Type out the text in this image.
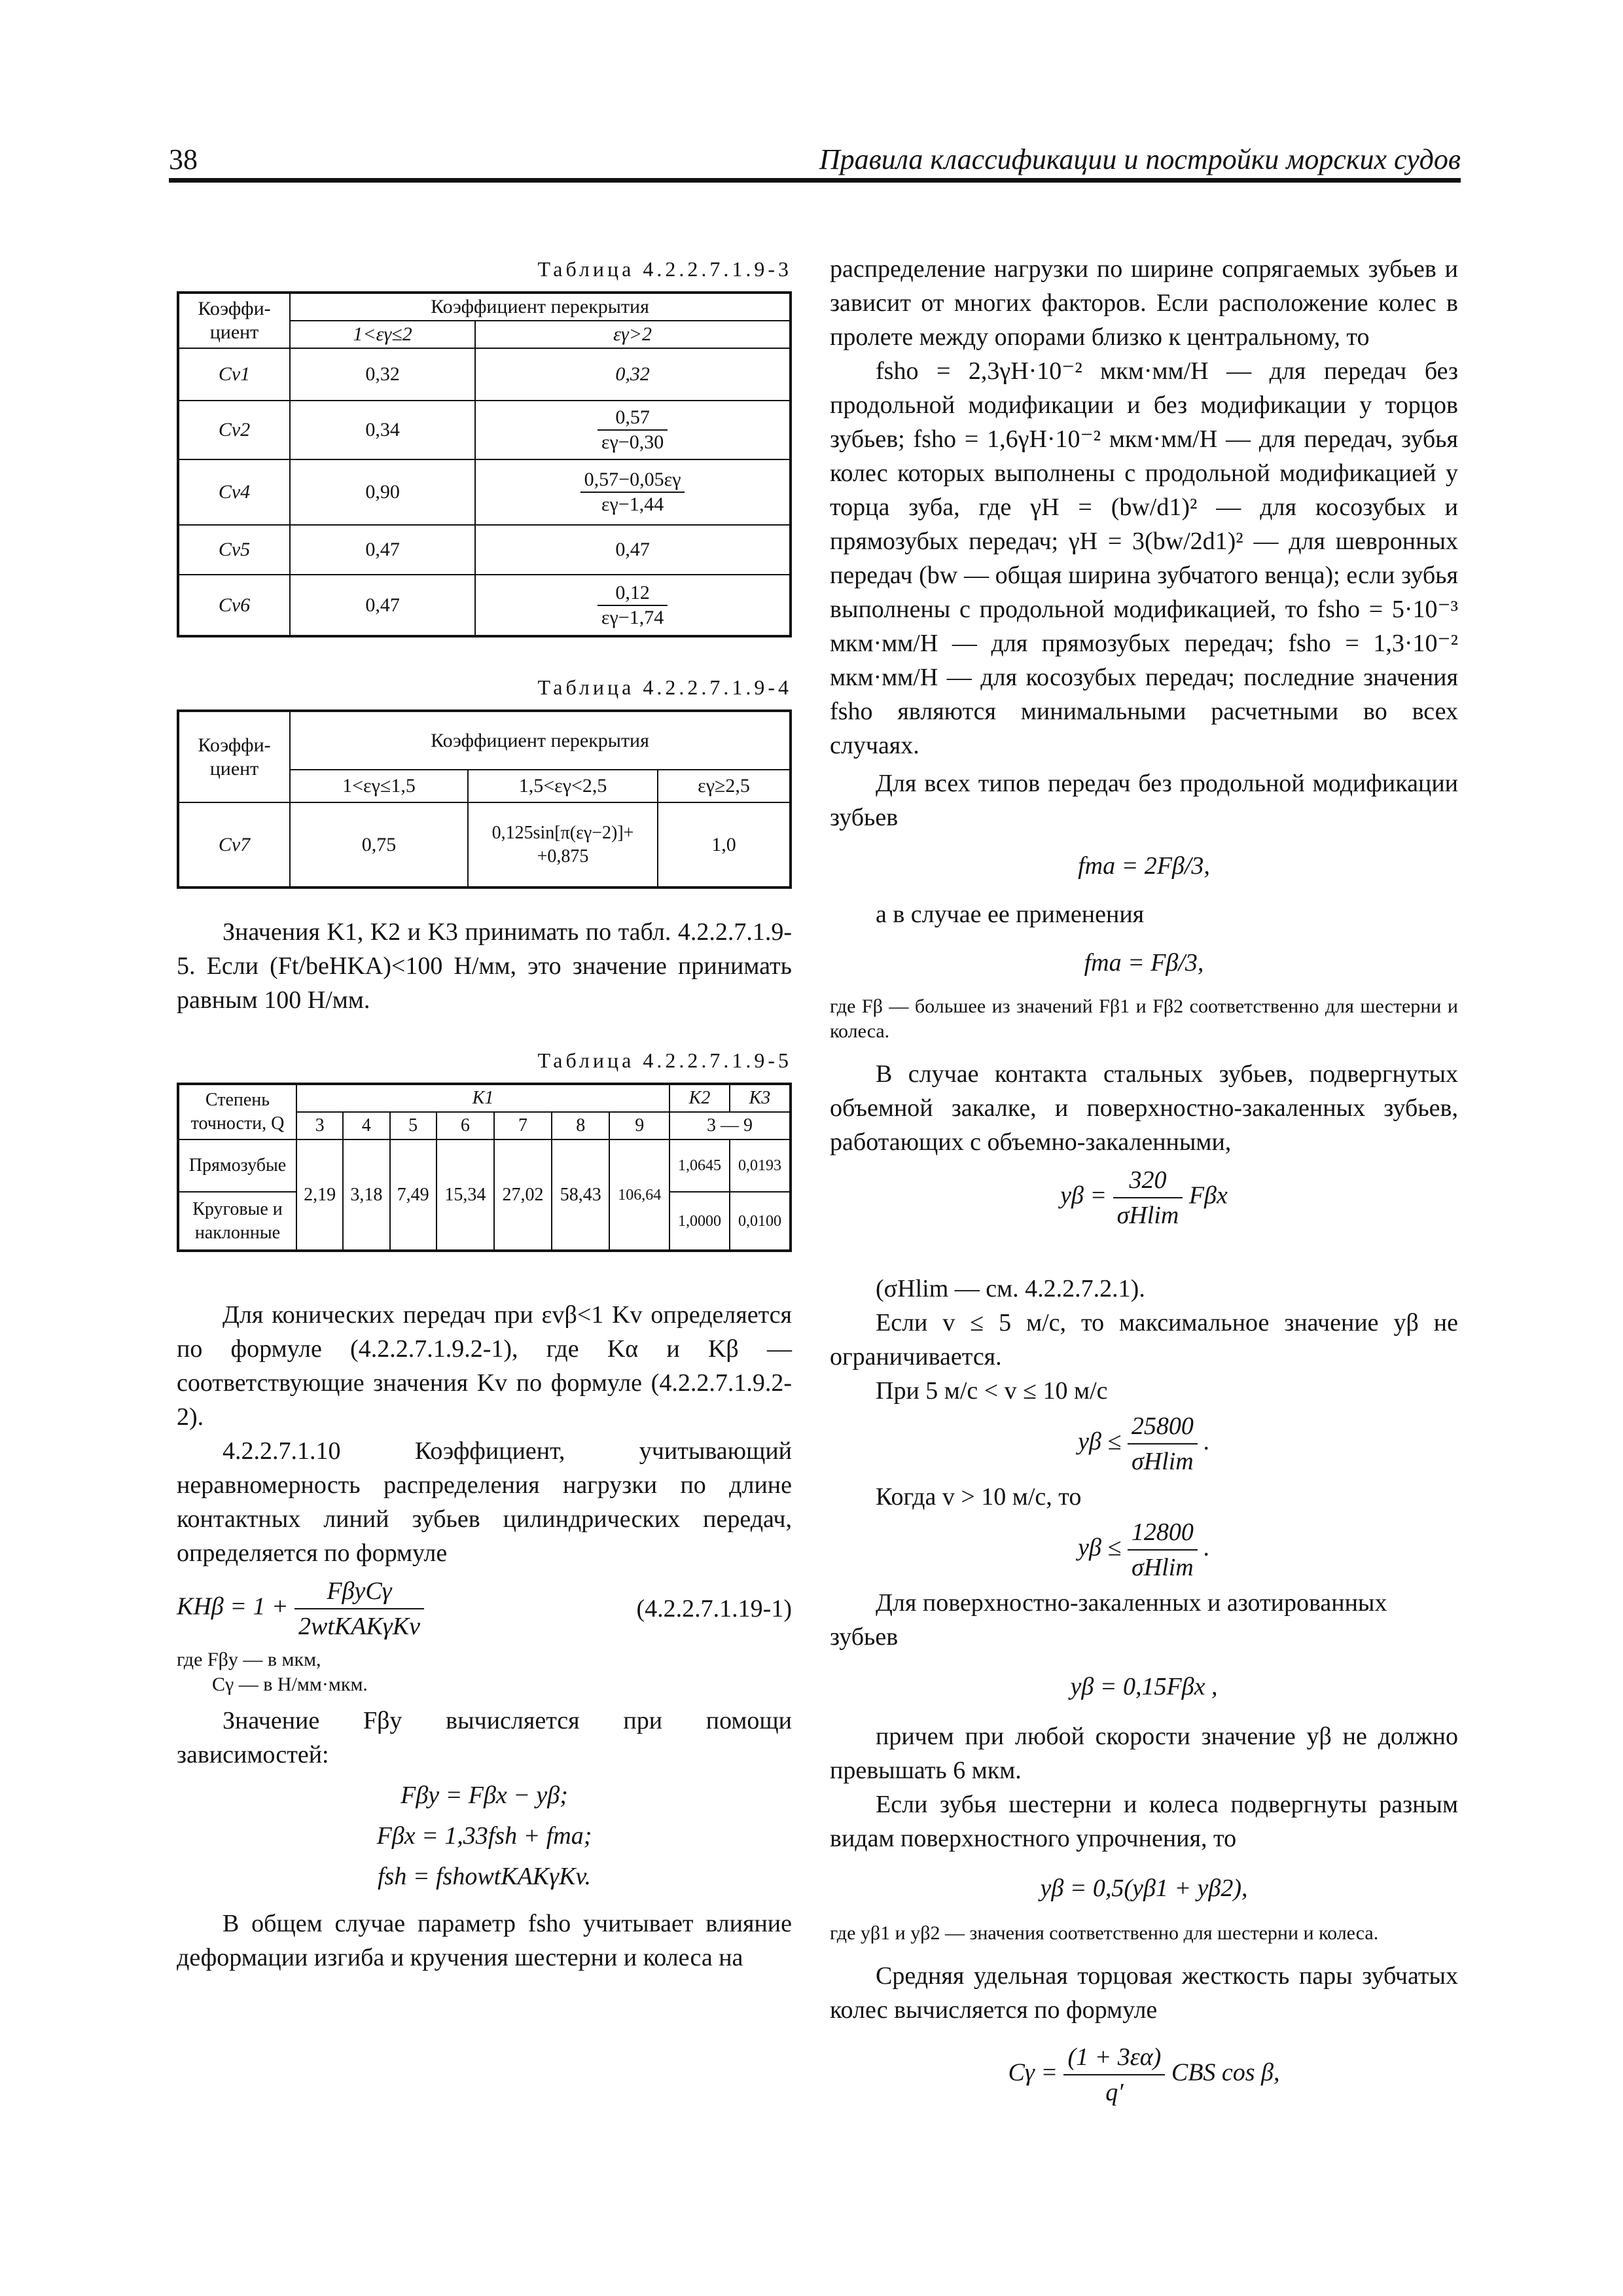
38	Правила классификации и постройки морских судов
Таблица 4.2.2.7.1.9-3
Коэффи-циент	Коэффициент перекрытия	
	1<εγ≤2	εγ>2
Cv1	0,32	0,32
Cv2	0,34	$\frac{0,57}{\varepsilon\gamma-0,30}$

Cv4	0,90	$\frac{0,57-0,05\varepsilon\gamma}{\varepsilon\gamma-1,44}$

Cv5	0,47	0,47
Cv6	0,47	$\frac{0,12}{\varepsilon\gamma-1,74}$
Таблица 4.2.2.7.1.9-4
Коэффи-циент	Коэффициент перекрытия		
	1<εγ≤1,5	1,5<εγ<2,5	εγ≥2,5
Cv7	0,75	0,125sin[π(εγ−2)]+ +0,875	1,0

Значения K1, K2 и K3 принимать по табл. 4.2.2.7.1.9-5. Если (Ft/beHKA)<100 Н/мм, это значение принимать равным 100 Н/мм.

Таблица 4.2.2.7.1.9-5
Степень точности, Q	K1							K2	K3
	3	4	5	6	7	8	9	3 — 9	
Прямозубые	2,19	3,18	7,49	15,34	27,02	58,43	106,64	1,0645	0,0193
Круговые и наклонные								1,0000	0,0100

Для конических передач при εvβ<1 Kv определяется по формуле (4.2.2.7.1.9.2-1), где Kα и Kβ — соответствующие значения Kv по формуле (4.2.2.7.1.9.2-2).

4.2.2.7.1.10 Коэффициент, учитывающий неравномерность распределения нагрузки по длине контактных линий зубьев цилиндрических передач, определяется по формуле

$KH\beta = 1 + \frac{\text{FβyCγ}}{\text{2wtKAKγKv}}$	(4.2.2.7.1.19-1)
где Fβy — в мкм,
Cγ — в Н/мм·мкм.

Значение Fβy вычисляется при помощи зависимостей:

Fβy = Fβx − yβ;
Fβx = 1,33fsh + fma;
fsh = fshowtKAKγKv.

В общем случае параметр fsho учитывает влияние деформации изгиба и кручения шестерни и колеса на

распределение нагрузки по ширине сопрягаемых зубьев и зависит от многих факторов. Если расположение колес в пролете между опорами близко к центральному, то

fsho = 2,3γH·10⁻² мкм·мм/Н — для передач без продольной модификации и без модификации у торцов зубьев; fsho = 1,6γH·10⁻² мкм·мм/Н — для передач, зубья колес которых выполнены с продольной модификацией у торца зуба, где γH = (bw/d1)² — для косозубых и прямозубых передач; γH = 3(bw/2d1)² — для шевронных передач (bw — общая ширина зубчатого венца); если зубья выполнены с продольной модификацией, то fsho = 5·10⁻³ мкм·мм/Н — для прямозубых передач; fsho = 1,3·10⁻² мкм·мм/Н — для косозубых передач; последние значения fsho являются минимальными расчетными во всех случаях.

Для всех типов передач без продольной модификации зубьев

fma = 2Fβ/3,

а в случае ее применения

fma = Fβ/3,

где Fβ — большее из значений Fβ1 и Fβ2 соответственно для шестерни и колеса.

В случае контакта стальных зубьев, подвергнутых объемной закалке, и поверхностно-закаленных зубьев, работающих с объемно-закаленными,

$y\beta = \frac{320}{\sigma Hlim}$ Fβx

(σHlim — см. 4.2.2.7.2.1).

Если v ≤ 5 м/с, то максимальное значение yβ не ограничивается.

При 5 м/с < v ≤ 10 м/с

$y\beta \le \frac{25800}{\sigma Hlim}$ .

Когда v > 10 м/с, то

$y\beta \le \frac{12800}{\sigma Hlim}$ .

Для поверхностно-закаленных и азотированных зубьев

yβ = 0,15Fβx ,

причем при любой скорости значение yβ не должно превышать 6 мкм.

Если зубья шестерни и колеса подвергнуты разным видам поверхностного упрочнения, то

yβ = 0,5(yβ1 + yβ2),

где yβ1 и yβ2 — значения соответственно для шестерни и колеса.

Средняя удельная торцовая жесткость пары зубчатых колес вычисляется по формуле

$C\gamma = \frac{(1 + 3\varepsilon\alpha)}{q'}$ CBS cos β,
